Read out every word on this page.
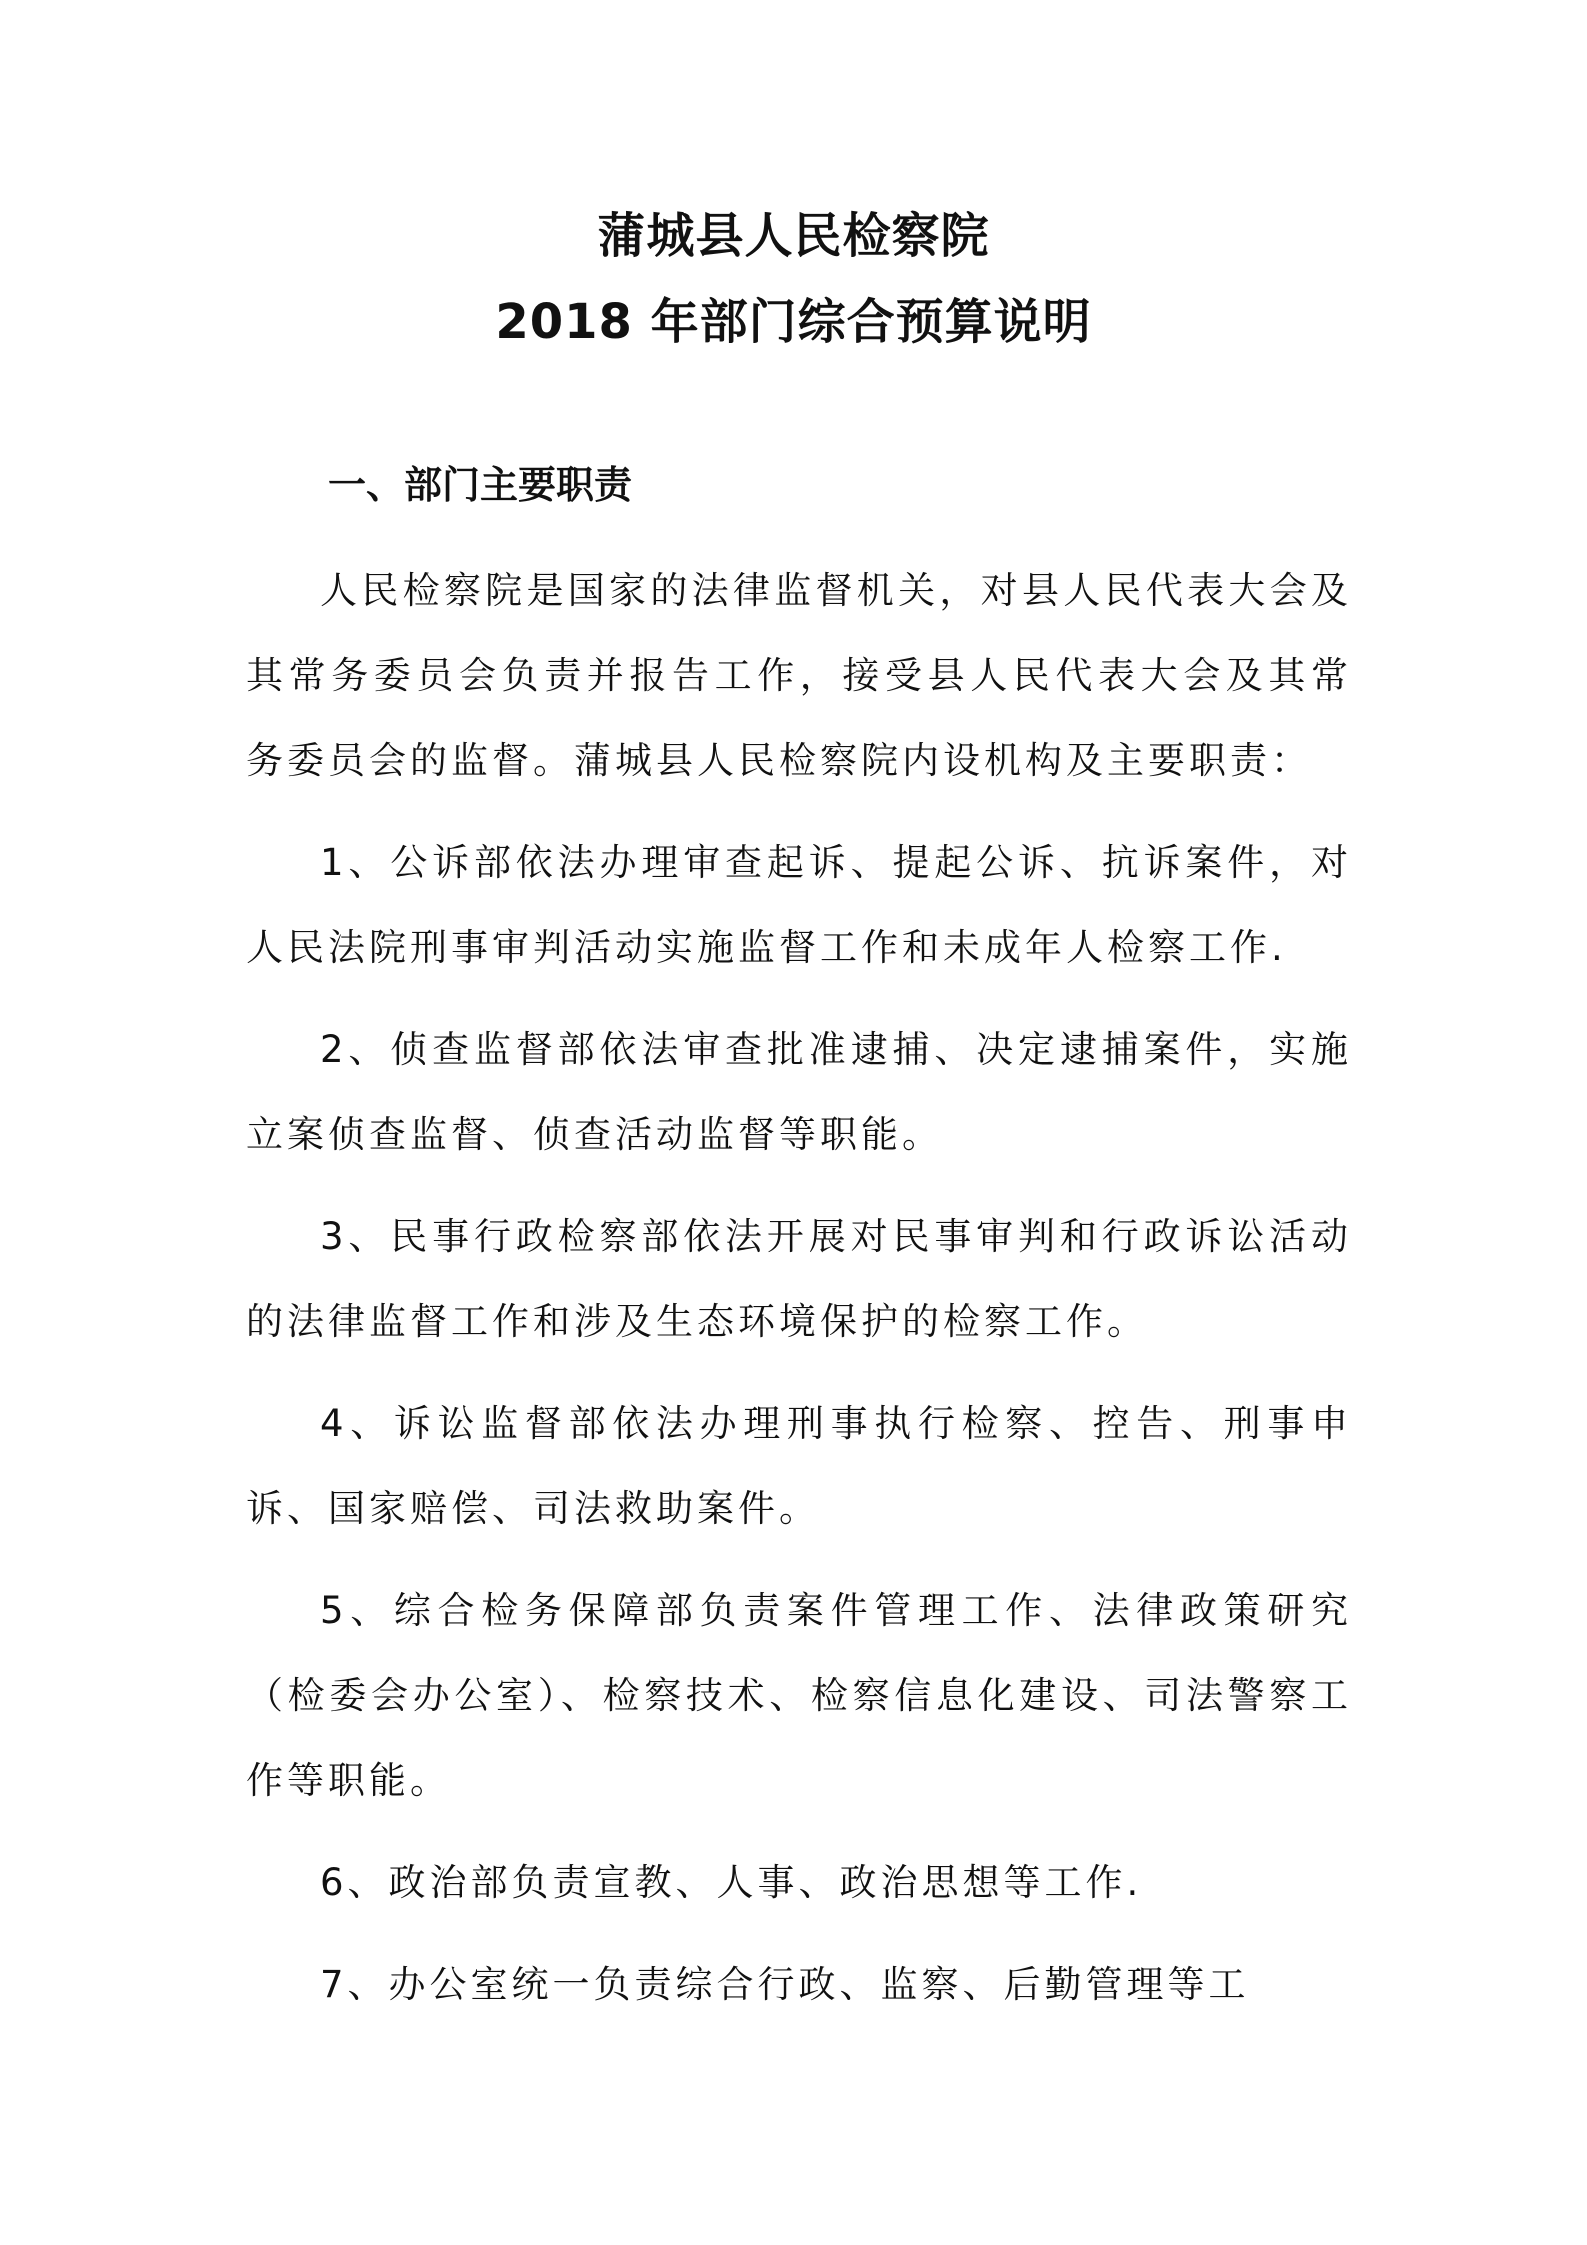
蒲城县人民检察院
2018 年部门综合预算说明
一、部门主要职责

人民检察院是国家的法律监督机关，对县人民代表大会及其常务委员会负责并报告工作，接受县人民代表大会及其常务委员会的监督。蒲城县人民检察院内设机构及主要职责：

1、公诉部依法办理审查起诉、提起公诉、抗诉案件，对人民法院刑事审判活动实施监督工作和未成年人检察工作.

2、侦查监督部依法审查批准逮捕、决定逮捕案件，实施立案侦查监督、侦查活动监督等职能。

3、民事行政检察部依法开展对民事审判和行政诉讼活动的法律监督工作和涉及生态环境保护的检察工作。

4、诉讼监督部依法办理刑事执行检察、控告、刑事申诉、国家赔偿、司法救助案件。

5、综合检务保障部负责案件管理工作、法律政策研究（检委会办公室）、检察技术、检察信息化建设、司法警察工作等职能。

6、政治部负责宣教、人事、政治思想等工作.

7、办公室统一负责综合行政、监察、后勤管理等工
